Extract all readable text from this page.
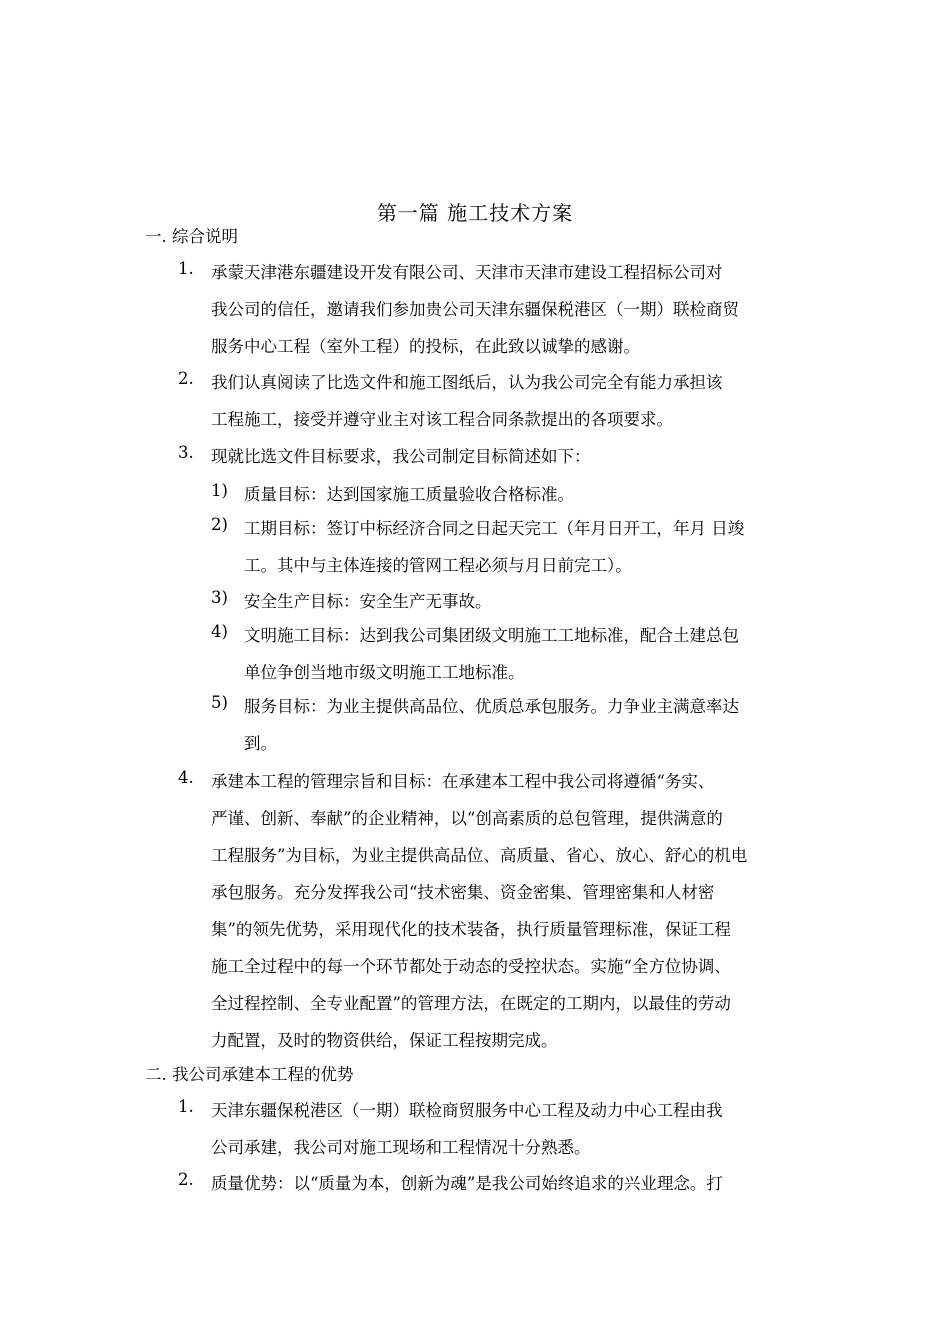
第一篇 施工技术方案
一. 综合说明
1. 承蒙天津港东疆建设开发有限公司、天津市天津市建设工程招标公司对
我公司的信任，邀请我们参加贵公司天津东疆保税港区（一期）联检商贸
服务中心工程（室外工程）的投标，在此致以诚挚的感谢。
2. 我们认真阅读了比选文件和施工图纸后，认为我公司完全有能力承担该
工程施工，接受并遵守业主对该工程合同条款提出的各项要求。
3. 现就比选文件目标要求，我公司制定目标简述如下：
1) 质量目标：达到国家施工质量验收合格标准。
2) 工期目标：签订中标经济合同之日起天完工（年月日开工，年月 日竣
工。其中与主体连接的管网工程必须与月日前完工）。
3) 安全生产目标：安全生产无事故。
4) 文明施工目标：达到我公司集团级文明施工工地标准，配合土建总包
单位争创当地市级文明施工工地标准。
5) 服务目标：为业主提供高品位、优质总承包服务。力争业主满意率达
到。
4. 承建本工程的管理宗旨和目标：在承建本工程中我公司将遵循“务实、
严谨、创新、奉献”的企业精神，以“创高素质的总包管理，提供满意的
工程服务”为目标，为业主提供高品位、高质量、省心、放心、舒心的机电
承包服务。充分发挥我公司“技术密集、资金密集、管理密集和人材密
集”的领先优势，采用现代化的技术装备，执行质量管理标准，保证工程
施工全过程中的每一个环节都处于动态的受控状态。实施“全方位协调、
全过程控制、全专业配置”的管理方法，在既定的工期内，以最佳的劳动
力配置，及时的物资供给，保证工程按期完成。
二. 我公司承建本工程的优势
1. 天津东疆保税港区（一期）联检商贸服务中心工程及动力中心工程由我
公司承建，我公司对施工现场和工程情况十分熟悉。
2. 质量优势：以“质量为本，创新为魂”是我公司始终追求的兴业理念。打
